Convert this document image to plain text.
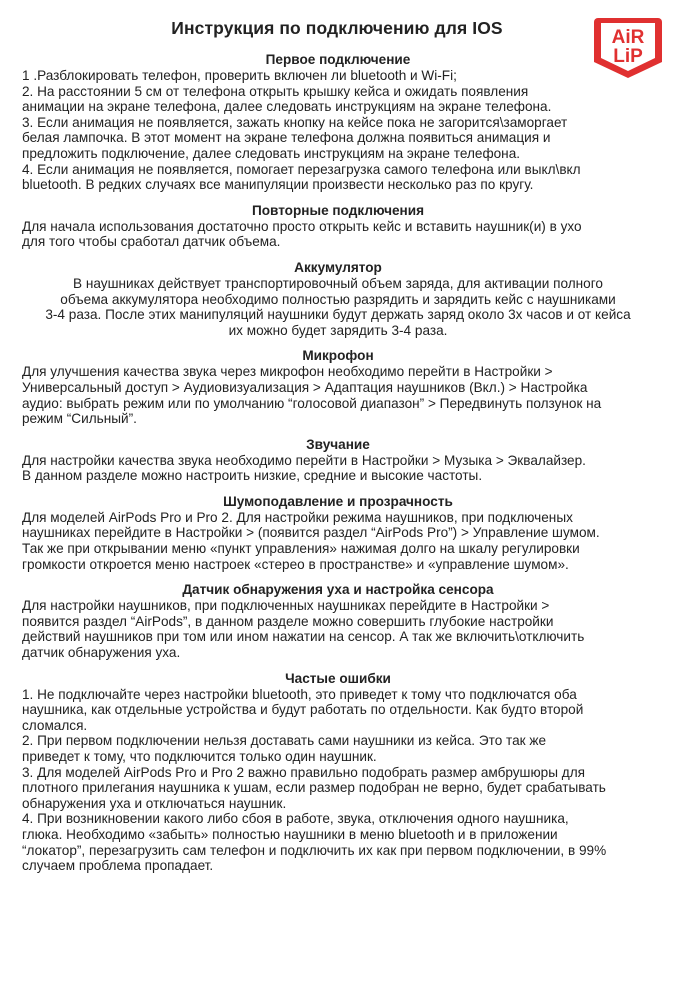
Инструкция по подключению для IOS	AiR
LiP
Первое подключение

1 .Разблокировать телефон, проверить включен ли bluetooth и Wi-Fi;
2. На расстоянии 5 см от телефона открыть крышку кейса и ожидать появления
анимации на экране телефона, далее следовать инструкциям на экране телефона.
3. Если анимация не появляется, зажать кнопку на кейсе пока не загорится\заморгает
белая лампочка. В этот момент на экране телефона должна появиться анимация и
предложить подключение, далее следовать инструкциям на экране телефона.
4. Если анимация не появляется, помогает перезагрузка самого телефона или выкл\вкл
bluetooth. В редких случаях все манипуляции произвести несколько раз по кругу.

Повторные подключения

Для начала использования достаточно просто открыть кейс и вставить наушник(и) в ухо
для того чтобы сработал датчик объема.

Аккумулятор

В наушниках действует транспортировочный объем заряда, для активации полного
объема аккумулятора необходимо полностью разрядить и зарядить кейс с наушниками
3-4 раза. После этих манипуляций наушники будут держать заряд около 3х часов и от кейса
их можно будет зарядить 3-4 раза.

Микрофон

Для улучшения качества звука через микрофон необходимо перейти в Настройки >
Универсальный доступ > Аудиовизуализация > Адаптация наушников (Вкл.) > Настройка
аудио: выбрать режим или по умолчанию “голосовой диапазон” > Передвинуть ползунок на
режим “Сильный”.

Звучание

Для настройки качества звука необходимо перейти в Настройки > Музыка > Эквалайзер.
В данном разделе можно настроить низкие, средние и высокие частоты.

Шумоподавление и прозрачность

Для моделей AirPods Pro и Pro 2. Для настройки режима наушников, при подключеных
наушниках перейдите в Настройки > (появится раздел “AirPods Pro”) > Управление шумом.
Так же при открывании меню «пункт управления» нажимая долго на шкалу регулировки
громкости откроется меню настроек «стерео в пространстве» и «управление шумом».

Датчик обнаружения уха и настройка сенсора

Для настройки наушников, при подключенных наушниках перейдите в Настройки >
появится раздел “AirPods”, в данном разделе можно совершить глубокие настройки
действий наушников при том или ином нажатии на сенсор. А так же включить\отключить
датчик обнаружения уха.

Частые ошибки

1. Не подключайте через настройки bluetooth, это приведет к тому что подключатся оба
наушника, как отдельные устройства и будут работать по отдельности. Как будто второй
сломался.
2. При первом подключении нельзя доставать сами наушники из кейса. Это так же
приведет к тому, что подключится только один наушник.
3. Для моделей AirPods Pro и Pro 2 важно правильно подобрать размер амбрушюры для
плотного прилегания наушника к ушам, если размер подобран не верно, будет срабатывать
обнаружения уха и отключаться наушник.
4. При возникновении какого либо сбоя в работе, звука, отключения одного наушника,
глюка. Необходимо «забыть» полностью наушники в меню bluetooth и в приложении
“локатор”, перезагрузить сам телефон и подключить их как при первом подключении, в 99%
случаем проблема пропадает.
